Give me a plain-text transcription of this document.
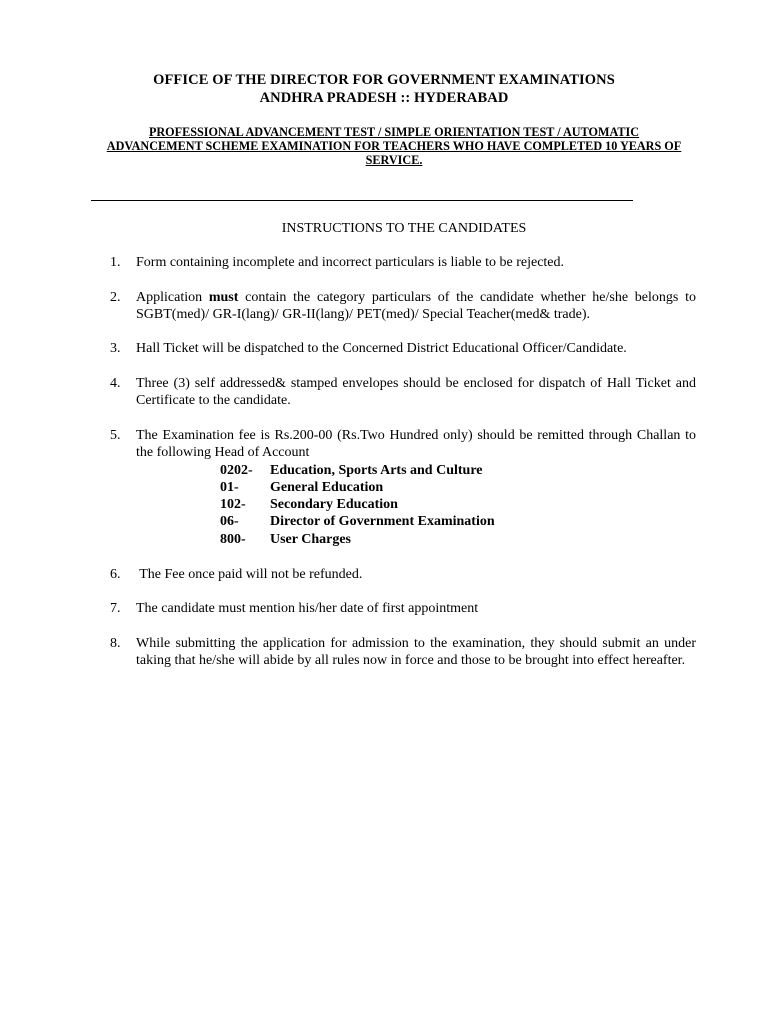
OFFICE OF THE DIRECTOR FOR GOVERNMENT EXAMINATIONS
ANDHRA PRADESH :: HYDERABAD
PROFESSIONAL ADVANCEMENT TEST / SIMPLE ORIENTATION TEST / AUTOMATIC
ADVANCEMENT SCHEME EXAMINATION FOR TEACHERS WHO HAVE COMPLETED 10 YEARS OF
SERVICE.
INSTRUCTIONS TO THE CANDIDATES
1.	Form containing incomplete and incorrect particulars is liable to be rejected.
2.	Application must contain the category particulars of the candidate whether he/she belongs to SGBT(med)/ GR-I(lang)/ GR-II(lang)/ PET(med)/ Special Teacher(med& trade).
3.	Hall Ticket will be dispatched to the Concerned District Educational Officer/Candidate.
4.	Three (3) self addressed& stamped envelopes should be enclosed for dispatch of Hall Ticket and Certificate to the candidate.
5.	The Examination fee is Rs.200-00 (Rs.Two Hundred only) should be remitted through Challan to the following Head of Account
0202- Education, Sports Arts and Culture
01- General Education
102- Secondary Education
06- Director of Government Examination
800- User Charges
6.	The Fee once paid will not be refunded.
7.	The candidate must mention his/her date of first appointment
8.	While submitting the application for admission to the examination, they should submit an under taking that he/she will abide by all rules now in force and those to be brought into effect hereafter.
